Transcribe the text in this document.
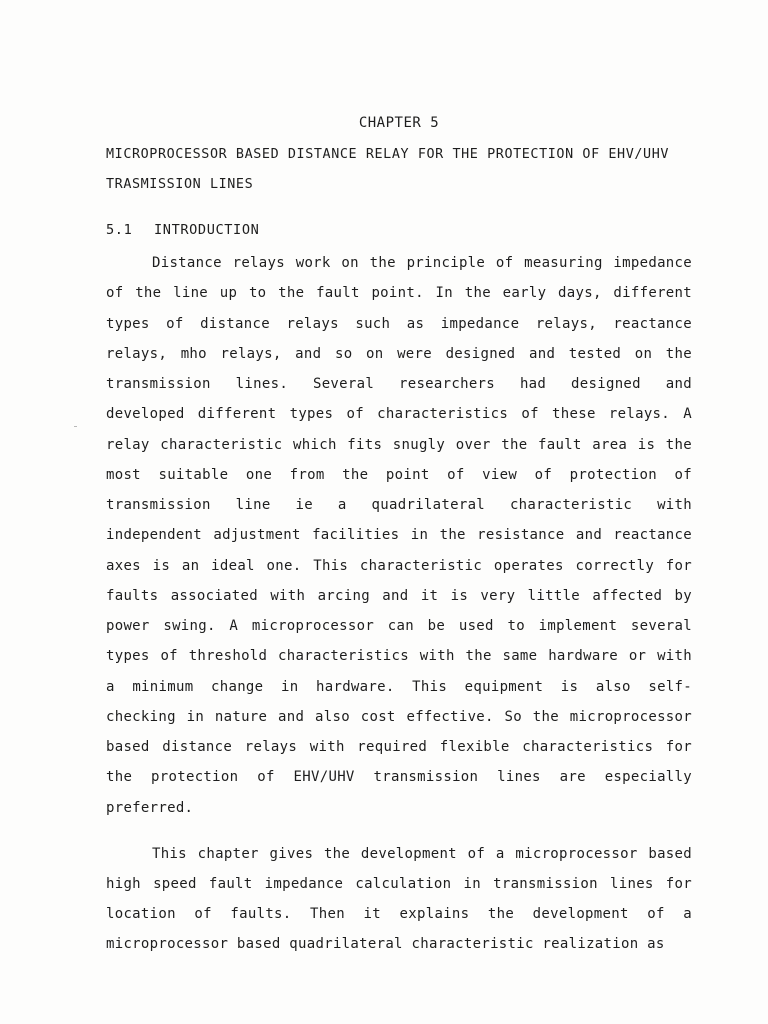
CHAPTER 5
MICROPROCESSOR BASED DISTANCE RELAY FOR THE PROTECTION OF EHV/UHV
TRASMISSION LINES
5.1 INTRODUCTION
Distance relays work on the principle of measuring impedance
of the line up to the fault point. In the early days, different
types of distance relays such as impedance relays, reactance
relays, mho relays, and so on were designed and tested on the
transmission lines. Several researchers had designed and
developed different types of characteristics of these relays. A
relay characteristic which fits snugly over the fault area is the
most suitable one from the point of view of protection of
transmission line ie a quadrilateral characteristic with
independent adjustment facilities in the resistance and reactance
axes is an ideal one. This characteristic operates correctly for
faults associated with arcing and it is very little affected by
power swing. A microprocessor can be used to implement several
types of threshold characteristics with the same hardware or with
a minimum change in hardware. This equipment is also self-
checking in nature and also cost effective. So the microprocessor
based distance relays with required flexible characteristics for
the protection of EHV/UHV transmission lines are especially
preferred.
This chapter gives the development of a microprocessor based
high speed fault impedance calculation in transmission lines for
location of faults. Then it explains the development of a
microprocessor based quadrilateral characteristic realization as
